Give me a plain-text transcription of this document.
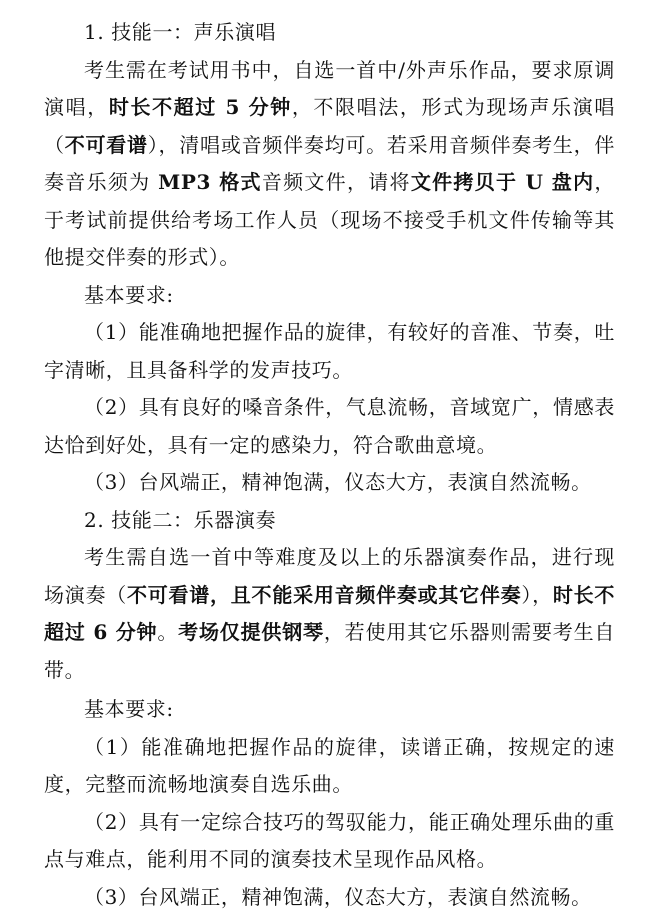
1. 技能一：声乐演唱

考生需在考试用书中，自选一首中/外声乐作品，要求原调演唱，时长不超过 5 分钟，不限唱法，形式为现场声乐演唱（不可看谱），清唱或音频伴奏均可。若采用音频伴奏考生，伴奏音乐须为 MP3 格式音频文件，请将文件拷贝于 U 盘内，于考试前提供给考场工作人员（现场不接受手机文件传输等其他提交伴奏的形式）。

基本要求:

（1）能准确地把握作品的旋律，有较好的音准、节奏，吐字清晰，且具备科学的发声技巧。

（2）具有良好的嗓音条件，气息流畅，音域宽广，情感表达恰到好处，具有一定的感染力，符合歌曲意境。

（3）台风端正，精神饱满，仪态大方，表演自然流畅。

2. 技能二：乐器演奏

考生需自选一首中等难度及以上的乐器演奏作品，进行现场演奏（不可看谱，且不能采用音频伴奏或其它伴奏），时长不超过 6 分钟。考场仅提供钢琴，若使用其它乐器则需要考生自带。

基本要求:

（1）能准确地把握作品的旋律，读谱正确，按规定的速度，完整而流畅地演奏自选乐曲。

（2）具有一定综合技巧的驾驭能力，能正确处理乐曲的重点与难点，能利用不同的演奏技术呈现作品风格。

（3）台风端正，精神饱满，仪态大方，表演自然流畅。
